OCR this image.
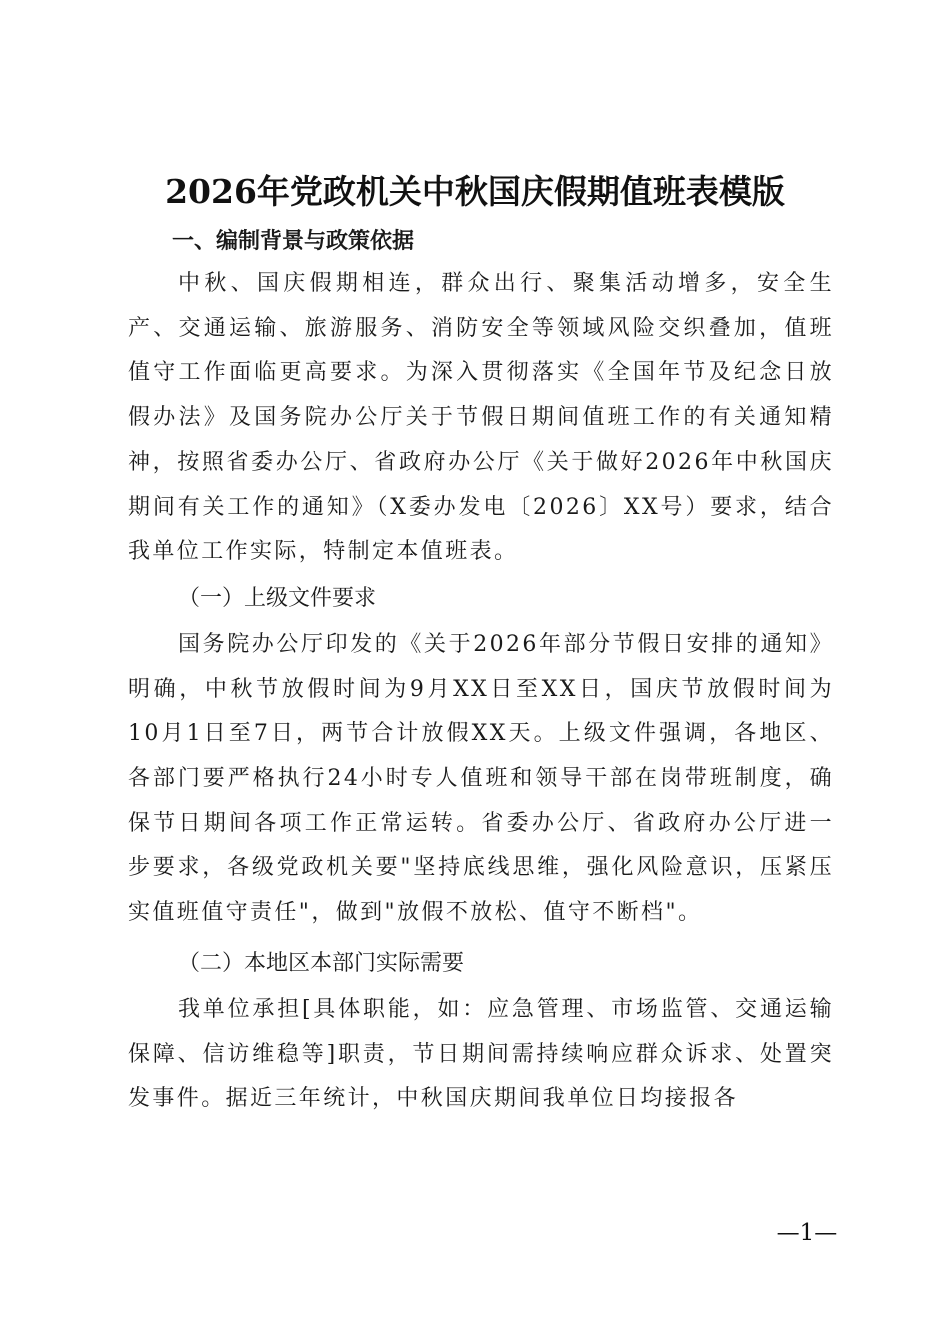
2026年党政机关中秋国庆假期值班表模版
一、编制背景与政策依据

中秋、国庆假期相连，群众出行、聚集活动增多，安全生产、交通运输、旅游服务、消防安全等领域风险交织叠加，值班值守工作面临更高要求。为深入贯彻落实《全国年节及纪念日放假办法》及国务院办公厅关于节假日期间值班工作的有关通知精神，按照省委办公厅、省政府办公厅《关于做好2026年中秋国庆期间有关工作的通知》（X委办发电〔2026〕XX号）要求，结合我单位工作实际，特制定本值班表。

（一）上级文件要求

国务院办公厅印发的《关于2026年部分节假日安排的通知》明确，中秋节放假时间为9月XX日至XX日，国庆节放假时间为10月1日至7日，两节合计放假XX天。上级文件强调，各地区、各部门要严格执行24小时专人值班和领导干部在岗带班制度，确保节日期间各项工作正常运转。省委办公厅、省政府办公厅进一步要求，各级党政机关要"坚持底线思维，强化风险意识，压紧压实值班值守责任"，做到"放假不放松、值守不断档"。

（二）本地区本部门实际需要

我单位承担[具体职能，如：应急管理、市场监管、交通运输保障、信访维稳等]职责，节日期间需持续响应群众诉求、处置突发事件。据近三年统计，中秋国庆期间我单位日均接报各

—1—
